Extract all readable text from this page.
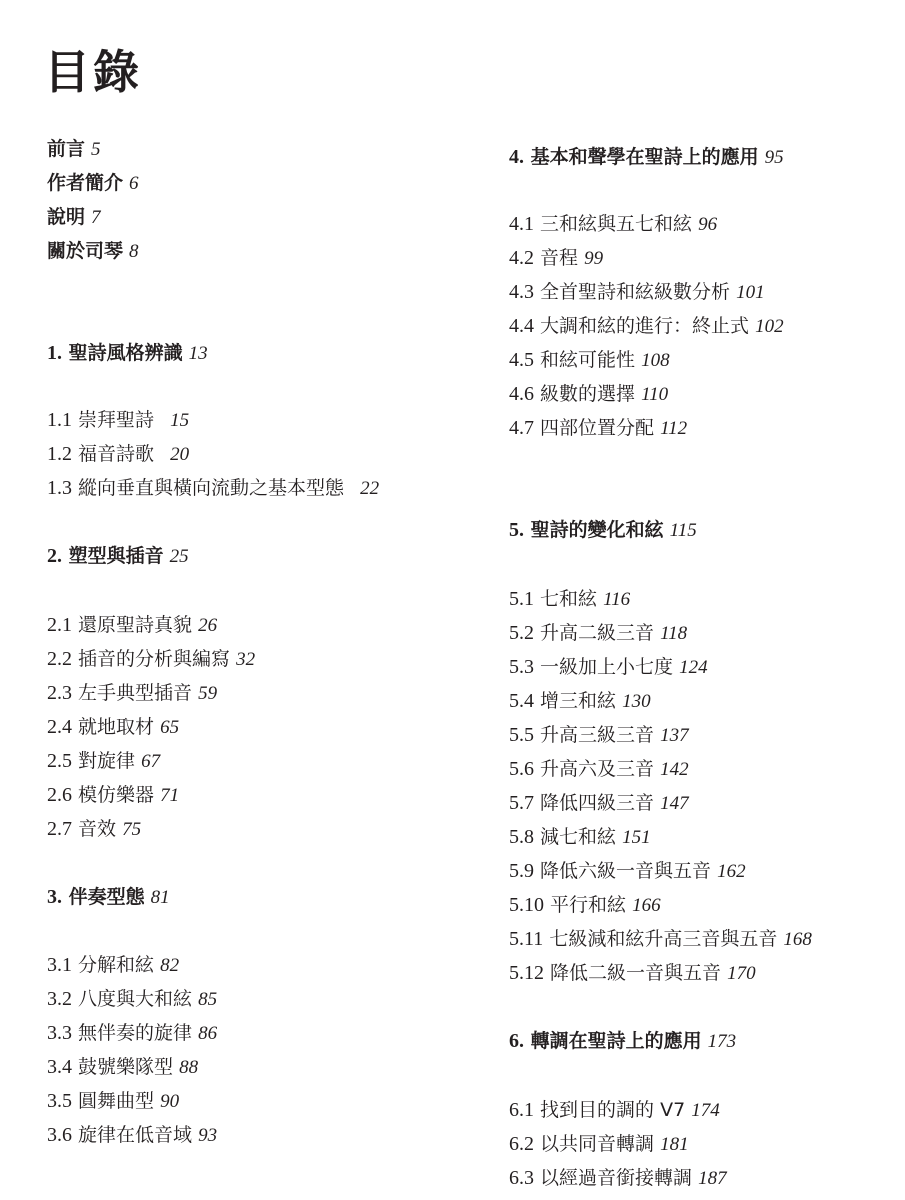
目錄
前言 5
作者簡介 6
說明 7
關於司琴 8
1. 聖詩風格辨識 13
1.1 崇拜聖詩 15
1.2 福音詩歌 20
1.3 縱向垂直與橫向流動之基本型態 22
2. 塑型與插音 25
2.1 還原聖詩真貌 26
2.2 插音的分析與編寫 32
2.3 左手典型插音 59
2.4 就地取材 65
2.5 對旋律 67
2.6 模仿樂器 71
2.7 音效 75
3. 伴奏型態 81
3.1 分解和絃 82
3.2 八度與大和絃 85
3.3 無伴奏的旋律 86
3.4 鼓號樂隊型 88
3.5 圓舞曲型 90
3.6 旋律在低音域 93
4. 基本和聲學在聖詩上的應用 95
4.1 三和絃與五七和絃 96
4.2 音程 99
4.3 全首聖詩和絃級數分析 101
4.4 大調和絃的進行：終止式 102
4.5 和絃可能性 108
4.6 級數的選擇 110
4.7 四部位置分配 112
5. 聖詩的變化和絃 115
5.1 七和絃 116
5.2 升高二級三音 118
5.3 一級加上小七度 124
5.4 增三和絃 130
5.5 升高三級三音 137
5.6 升高六及三音 142
5.7 降低四級三音 147
5.8 減七和絃 151
5.9 降低六級一音與五音 162
5.10 平行和絃 166
5.11 七級減和絃升高三音與五音 168
5.12 降低二級一音與五音 170
6. 轉調在聖詩上的應用 173
6.1 找到目的調的 V7 174
6.2 以共同音轉調 181
6.3 以經過音銜接轉調 187
